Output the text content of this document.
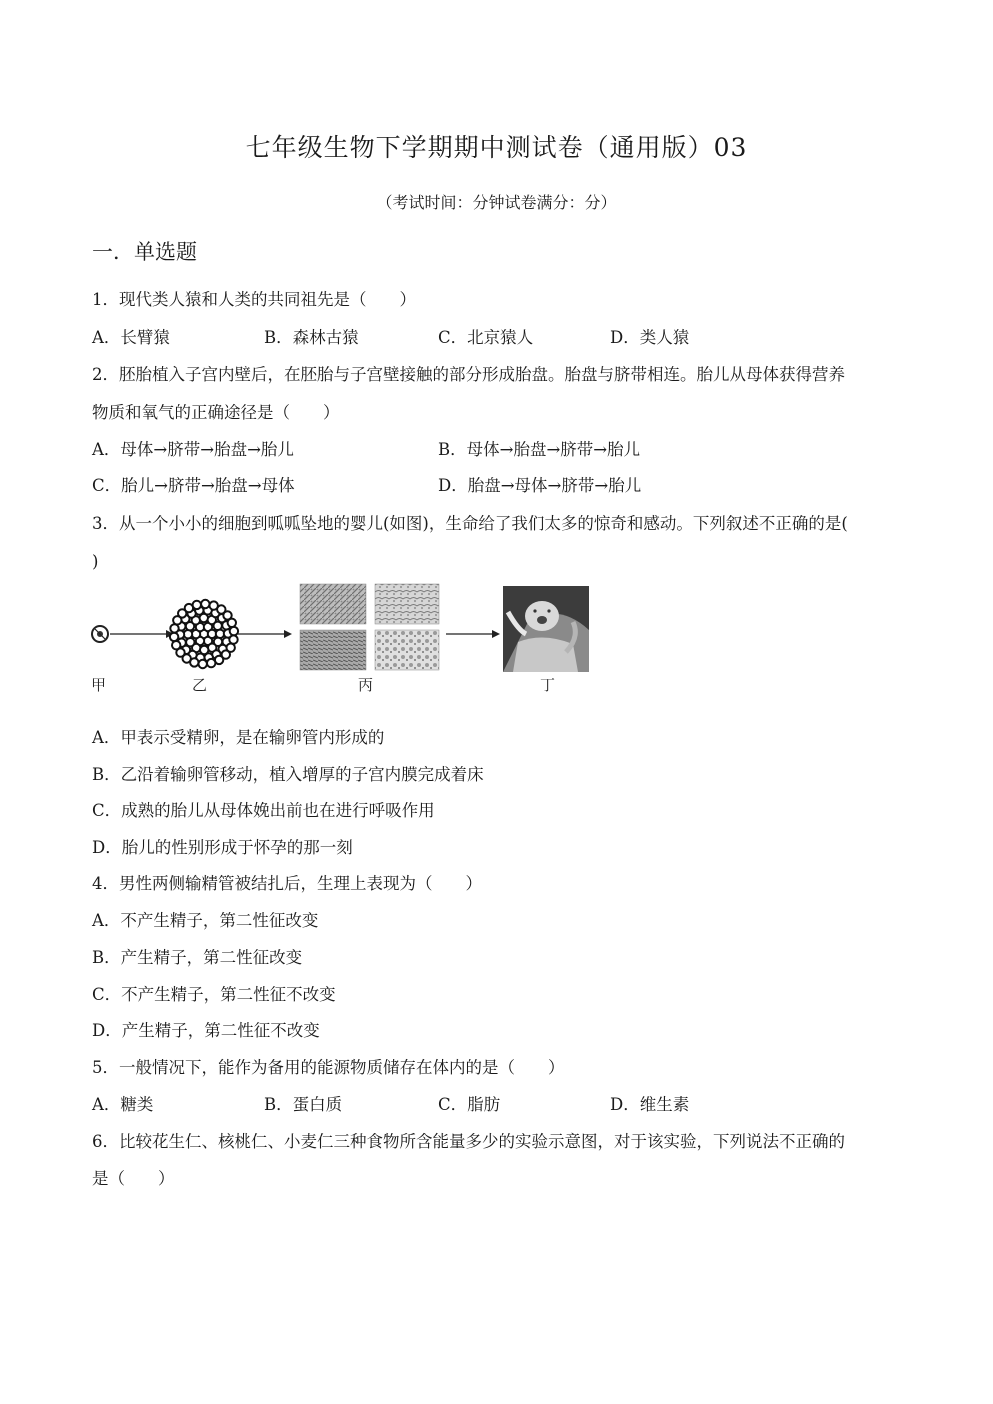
七年级生物下学期期中测试卷（通用版）03
（考试时间：分钟试卷满分：分）
一．单选题
1．现代类人猿和人类的共同祖先是（　　）
A．长臂猿	B．森林古猿	C．北京猿人	D．类人猿
2．胚胎植入子宫内壁后，在胚胎与子宫壁接触的部分形成胎盘。胎盘与脐带相连。胎儿从母体获得营养
物质和氧气的正确途径是（　　）
A．母体→脐带→胎盘→胎儿	B．母体→胎盘→脐带→胎儿
C．胎儿→脐带→胎盘→母体	D．胎盘→母体→脐带→胎儿
3．从一个小小的细胞到呱呱坠地的婴儿(如图)，生命给了我们太多的惊奇和感动。下列叙述不正确的是(
)
甲	乙	丙	丁
A．甲表示受精卵，是在输卵管内形成的
B．乙沿着输卵管移动，植入增厚的子宫内膜完成着床
C．成熟的胎儿从母体娩出前也在进行呼吸作用
D．胎儿的性别形成于怀孕的那一刻
4．男性两侧输精管被结扎后，生理上表现为（　　）
A．不产生精子，第二性征改变
B．产生精子，第二性征改变
C．不产生精子，第二性征不改变
D．产生精子，第二性征不改变
5．一般情况下，能作为备用的能源物质储存在体内的是（　　）
A．糖类	B．蛋白质	C．脂肪	D．维生素
6．比较花生仁、核桃仁、小麦仁三种食物所含能量多少的实验示意图，对于该实验，下列说法不正确的
是（　　）
